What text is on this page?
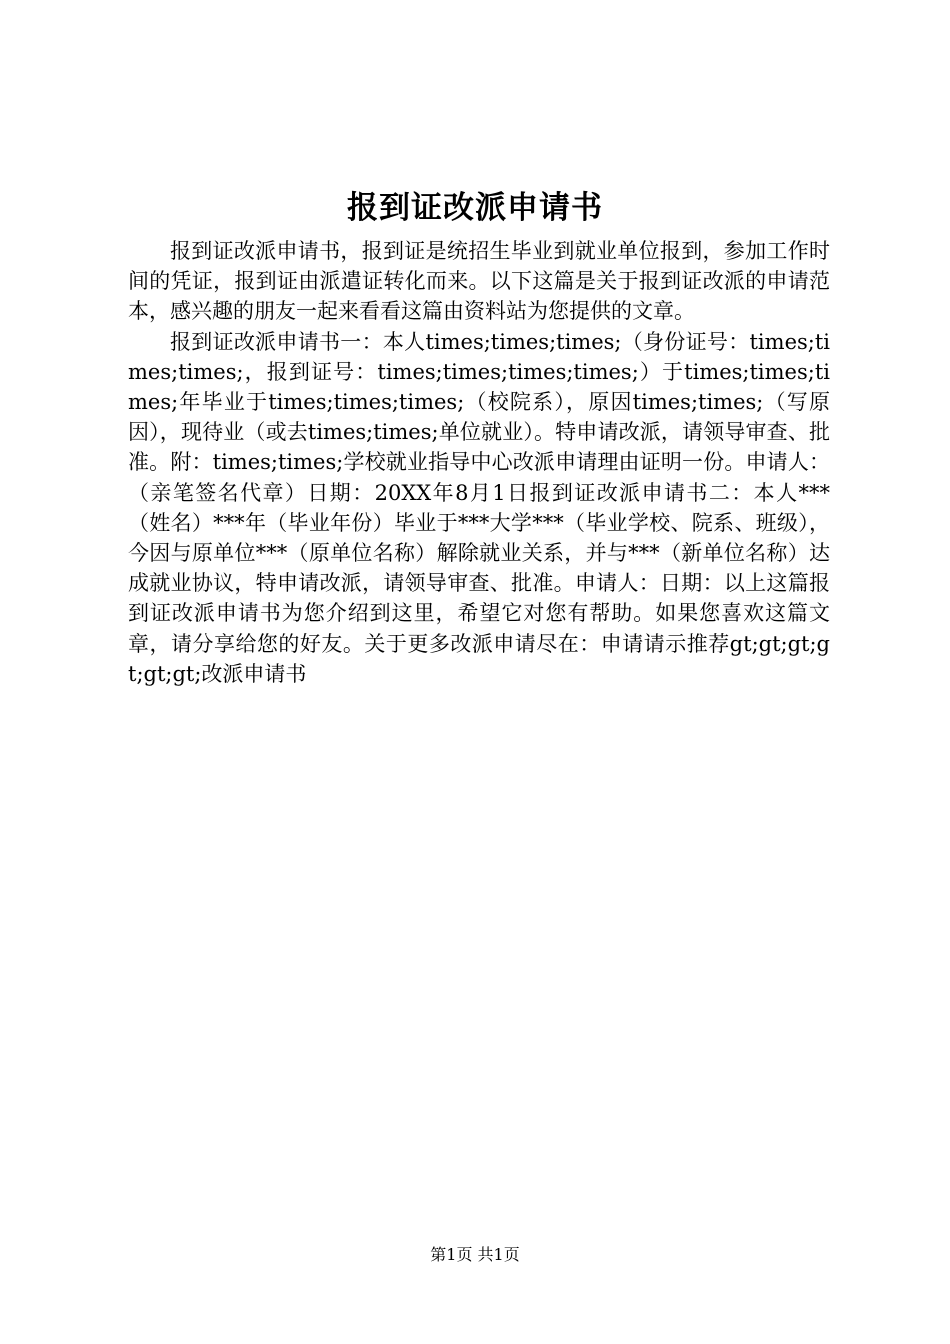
报到证改派申请书

报到证改派申请书，报到证是统招生毕业到就业单位报到，参加工作时间的凭证，报到证由派遣证转化而来。以下这篇是关于报到证改派的申请范本，感兴趣的朋友一起来看看这篇由资料站为您提供的文章。

报到证改派申请书一：本人times;times;times;（身份证号：times;times;times;，报到证号：times;times;times;times;）于times;times;times;年毕业于times;times;times;（校院系），原因times;times;（写原因），现待业（或去times;times;单位就业）。特申请改派，请领导审查、批准。附：times;times;学校就业指导中心改派申请理由证明一份。申请人：（亲笔签名代章）日期：20XX年8月1日报到证改派申请书二：本人***（姓名）***年（毕业年份）毕业于***大学***（毕业学校、院系、班级），今因与原单位***（原单位名称）解除就业关系，并与***（新单位名称）达成就业协议，特申请改派，请领导审查、批准。申请人：日期：以上这篇报到证改派申请书为您介绍到这里，希望它对您有帮助。如果您喜欢这篇文章，请分享给您的好友。关于更多改派申请尽在：申请请示推荐gt;gt;gt;gt;gt;gt;改派申请书

第1页 共1页
